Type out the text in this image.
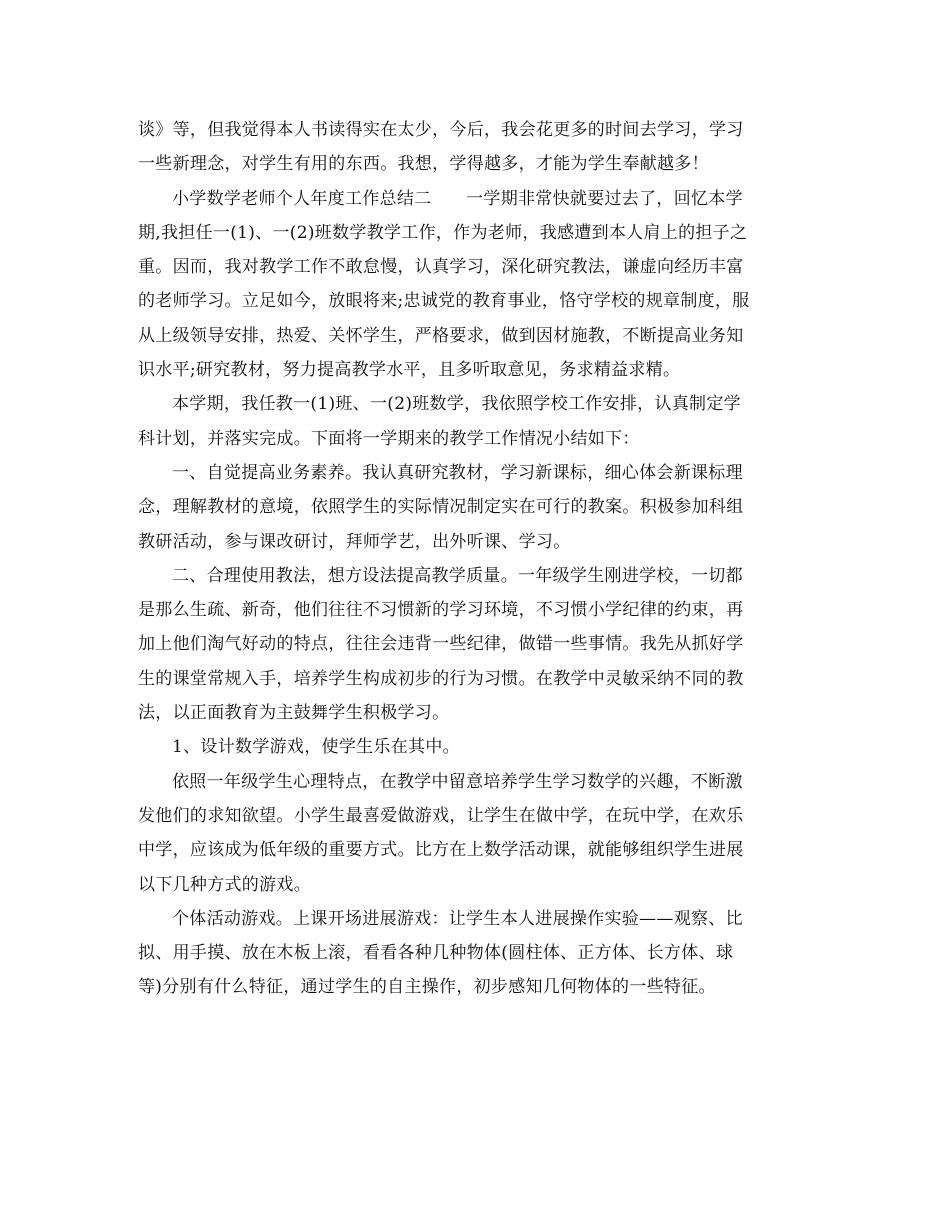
谈》等，但我觉得本人书读得实在太少，今后，我会花更多的时间去学习，学习
一些新理念，对学生有用的东西。我想，学得越多，才能为学生奉献越多！
小学数学老师个人年度工作总结二　　一学期非常快就要过去了，回忆本学
期,我担任一(1)、一(2)班数学教学工作，作为老师，我感遭到本人肩上的担子之
重。因而，我对教学工作不敢怠慢，认真学习，深化研究教法，谦虚向经历丰富
的老师学习。立足如今，放眼将来;忠诚党的教育事业，恪守学校的规章制度，服
从上级领导安排，热爱、关怀学生，严格要求，做到因材施教，不断提高业务知
识水平;研究教材，努力提高教学水平，且多听取意见，务求精益求精。
本学期，我任教一(1)班、一(2)班数学，我依照学校工作安排，认真制定学
科计划，并落实完成。下面将一学期来的教学工作情况小结如下：
一、自觉提高业务素养。我认真研究教材，学习新课标，细心体会新课标理
念，理解教材的意境，依照学生的实际情况制定实在可行的教案。积极参加科组
教研活动，参与课改研讨，拜师学艺，出外听课、学习。
二、合理使用教法，想方设法提高教学质量。一年级学生刚进学校，一切都
是那么生疏、新奇，他们往往不习惯新的学习环境，不习惯小学纪律的约束，再
加上他们淘气好动的特点，往往会违背一些纪律，做错一些事情。我先从抓好学
生的课堂常规入手，培养学生构成初步的行为习惯。在教学中灵敏采纳不同的教
法，以正面教育为主鼓舞学生积极学习。
1、设计数学游戏，使学生乐在其中。
依照一年级学生心理特点，在教学中留意培养学生学习数学的兴趣，不断激
发他们的求知欲望。小学生最喜爱做游戏，让学生在做中学，在玩中学，在欢乐
中学，应该成为低年级的重要方式。比方在上数学活动课，就能够组织学生进展
以下几种方式的游戏。
个体活动游戏。上课开场进展游戏：让学生本人进展操作实验——观察、比
拟、用手摸、放在木板上滚，看看各种几种物体(圆柱体、正方体、长方体、球
等)分别有什么特征，通过学生的自主操作，初步感知几何物体的一些特征。
